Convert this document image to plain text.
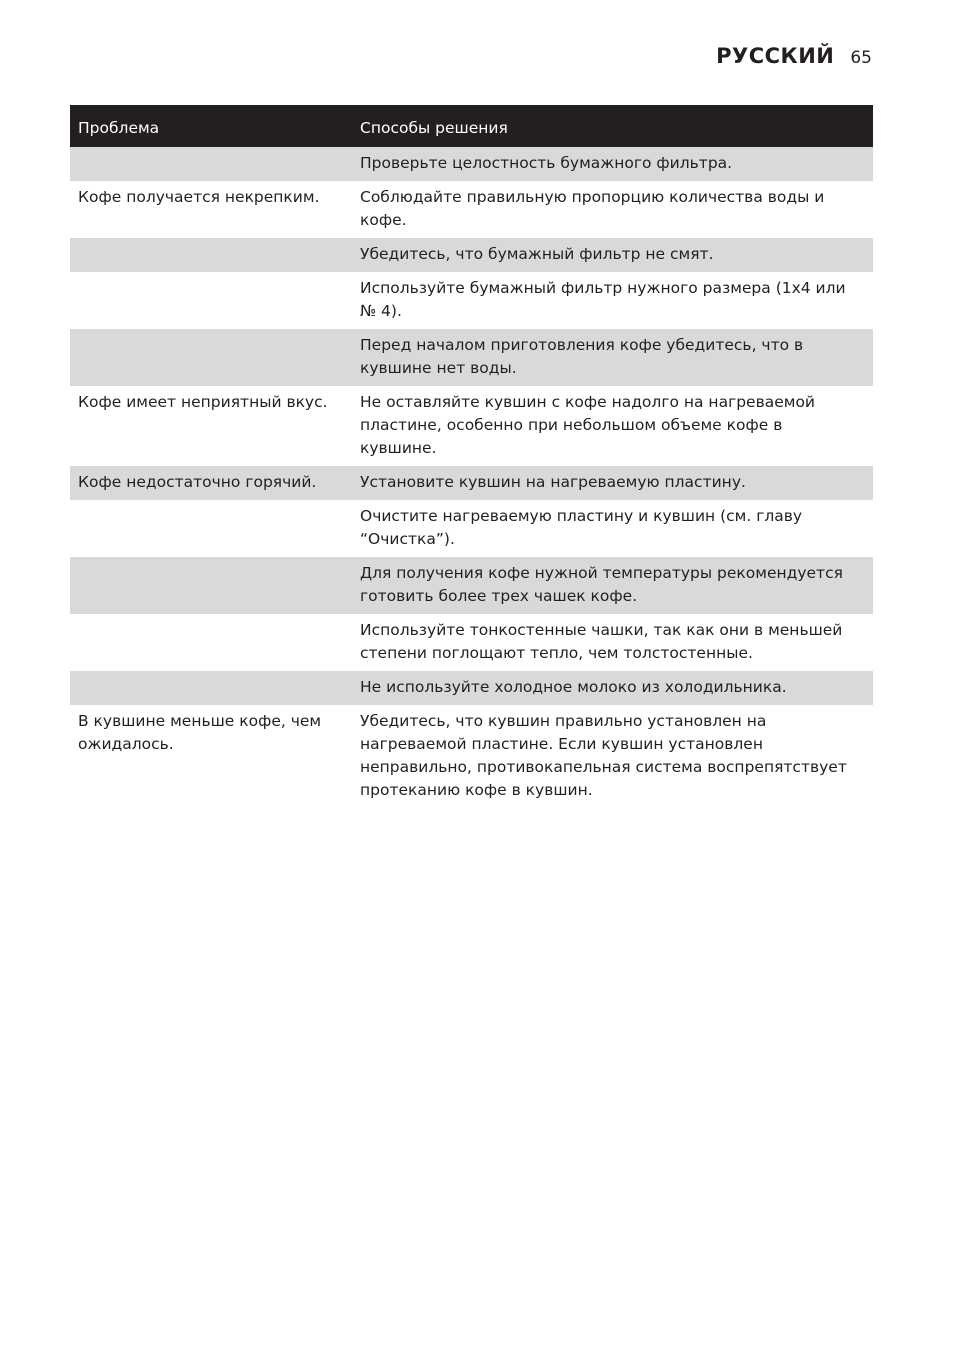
РУССКИЙ 65
Проблема	Способы решения
	Проверьте целостность бумажного фильтра.
Кофе получается некрепким.	Соблюдайте правильную пропорцию количества воды и кофе.
	Убедитесь, что бумажный фильтр не смят.
	Используйте бумажный фильтр нужного размера (1x4 или № 4).
	Перед началом приготовления кофе убедитесь, что в кувшине нет воды.
Кофе имеет неприятный вкус.	Не оставляйте кувшин с кофе надолго на нагреваемой пластине, особенно при небольшом объеме кофе в кувшине.
Кофе недостаточно горячий.	Установите кувшин на нагреваемую пластину.
	Очистите нагреваемую пластину и кувшин (см. главу “Очистка”).
	Для получения кофе нужной температуры рекомендуется готовить более трех чашек кофе.
	Используйте тонкостенные чашки, так как они в меньшей степени поглощают тепло, чем толстостенные.
	Не используйте холодное молоко из холодильника.
В кувшине меньше кофе, чем ожидалось.	Убедитесь, что кувшин правильно установлен на нагреваемой пластине. Если кувшин установлен неправильно, противокапельная система воспрепятствует протеканию кофе в кувшин.
